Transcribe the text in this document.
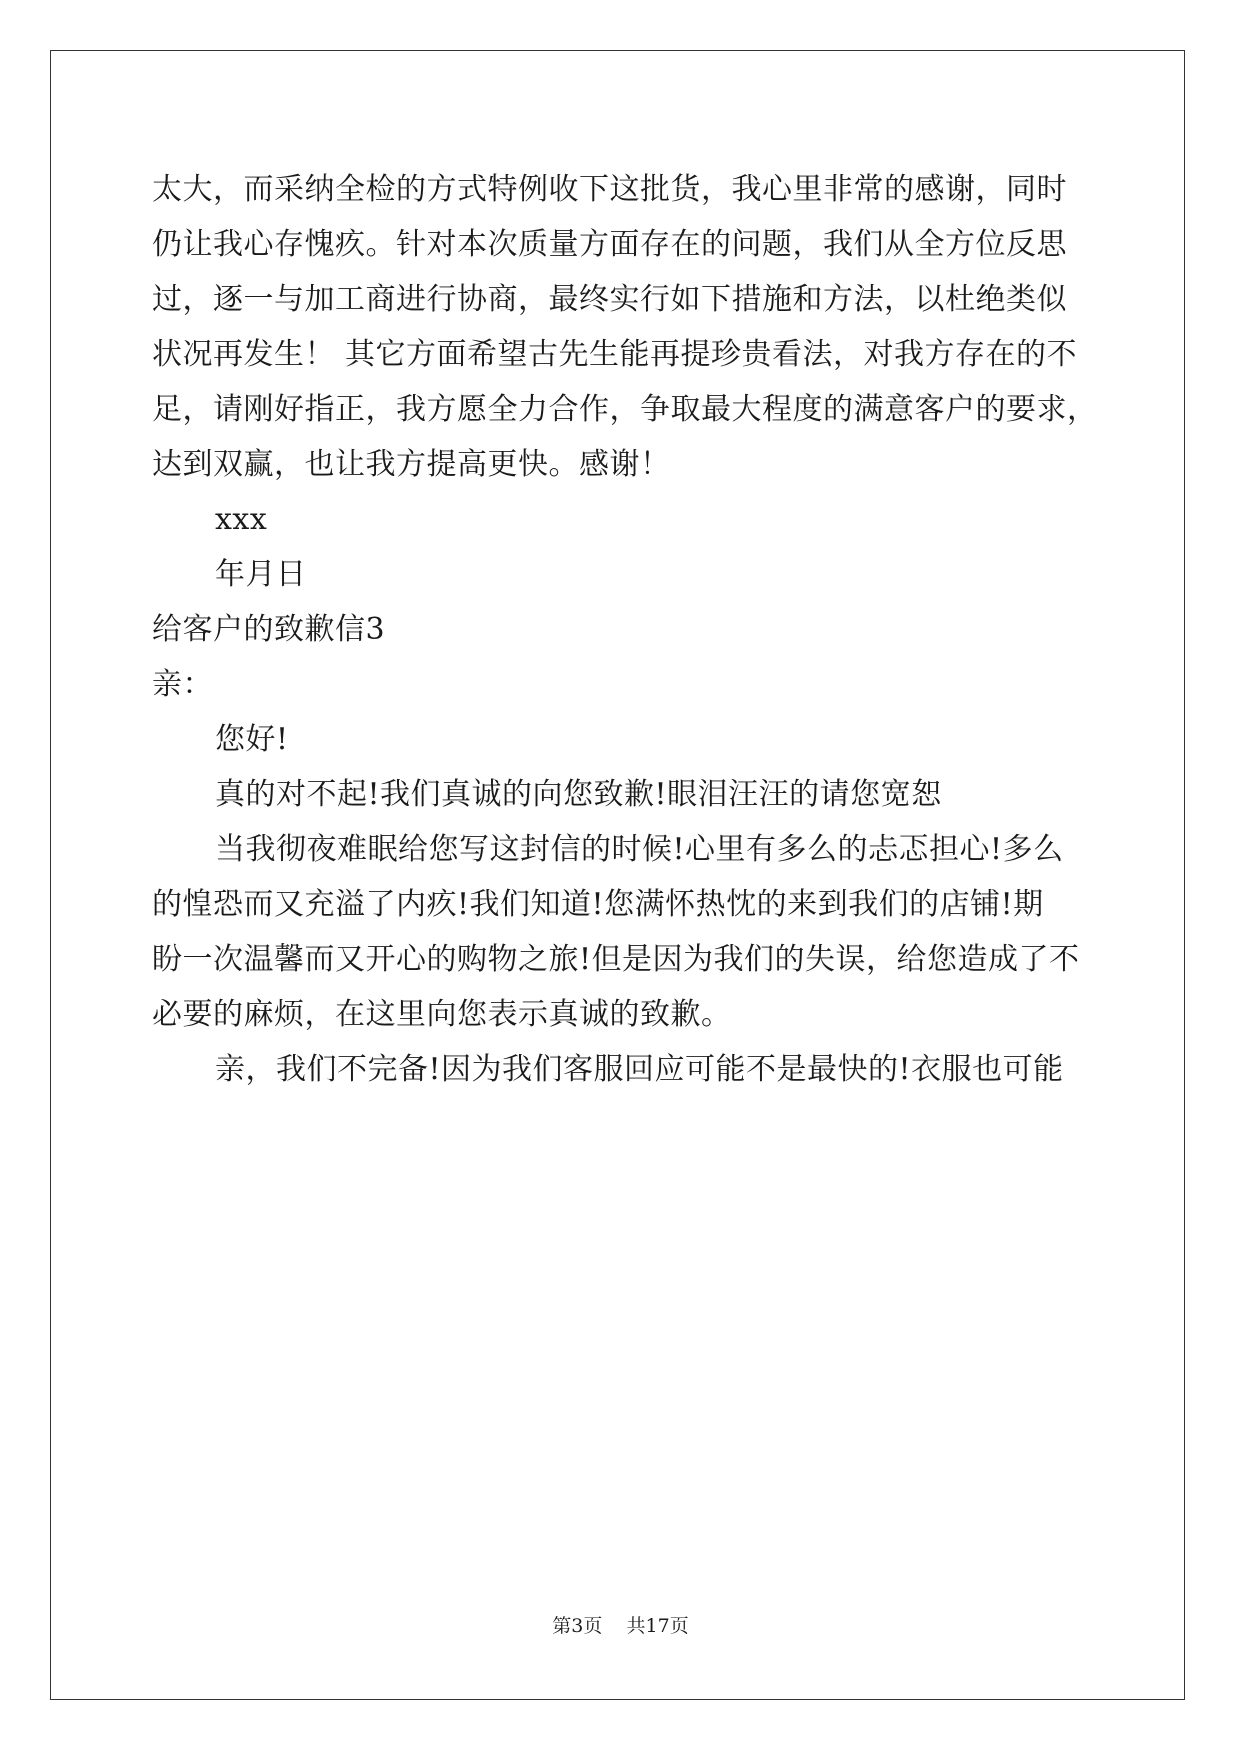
太大，而采纳全检的方式特例收下这批货，我心里非常的感谢，同时
仍让我心存愧疚。针对本次质量方面存在的问题，我们从全方位反思
过，逐一与加工商进行协商，最终实行如下措施和方法，以杜绝类似
状况再发生！ 其它方面希望古先生能再提珍贵看法，对我方存在的不
足，请刚好指正，我方愿全力合作，争取最大程度的满意客户的要求，
达到双赢，也让我方提高更快。感谢！
xxx
年月日
给客户的致歉信3
亲：
您好!
真的对不起!我们真诚的向您致歉!眼泪汪汪的请您宽恕
当我彻夜难眠给您写这封信的时候!心里有多么的忐忑担心!多么
的惶恐而又充溢了内疚!我们知道!您满怀热忱的来到我们的店铺!期
盼一次温馨而又开心的购物之旅!但是因为我们的失误，给您造成了不
必要的麻烦，在这里向您表示真诚的致歉。
亲，我们不完备!因为我们客服回应可能不是最快的!衣服也可能
第3页    共17页
